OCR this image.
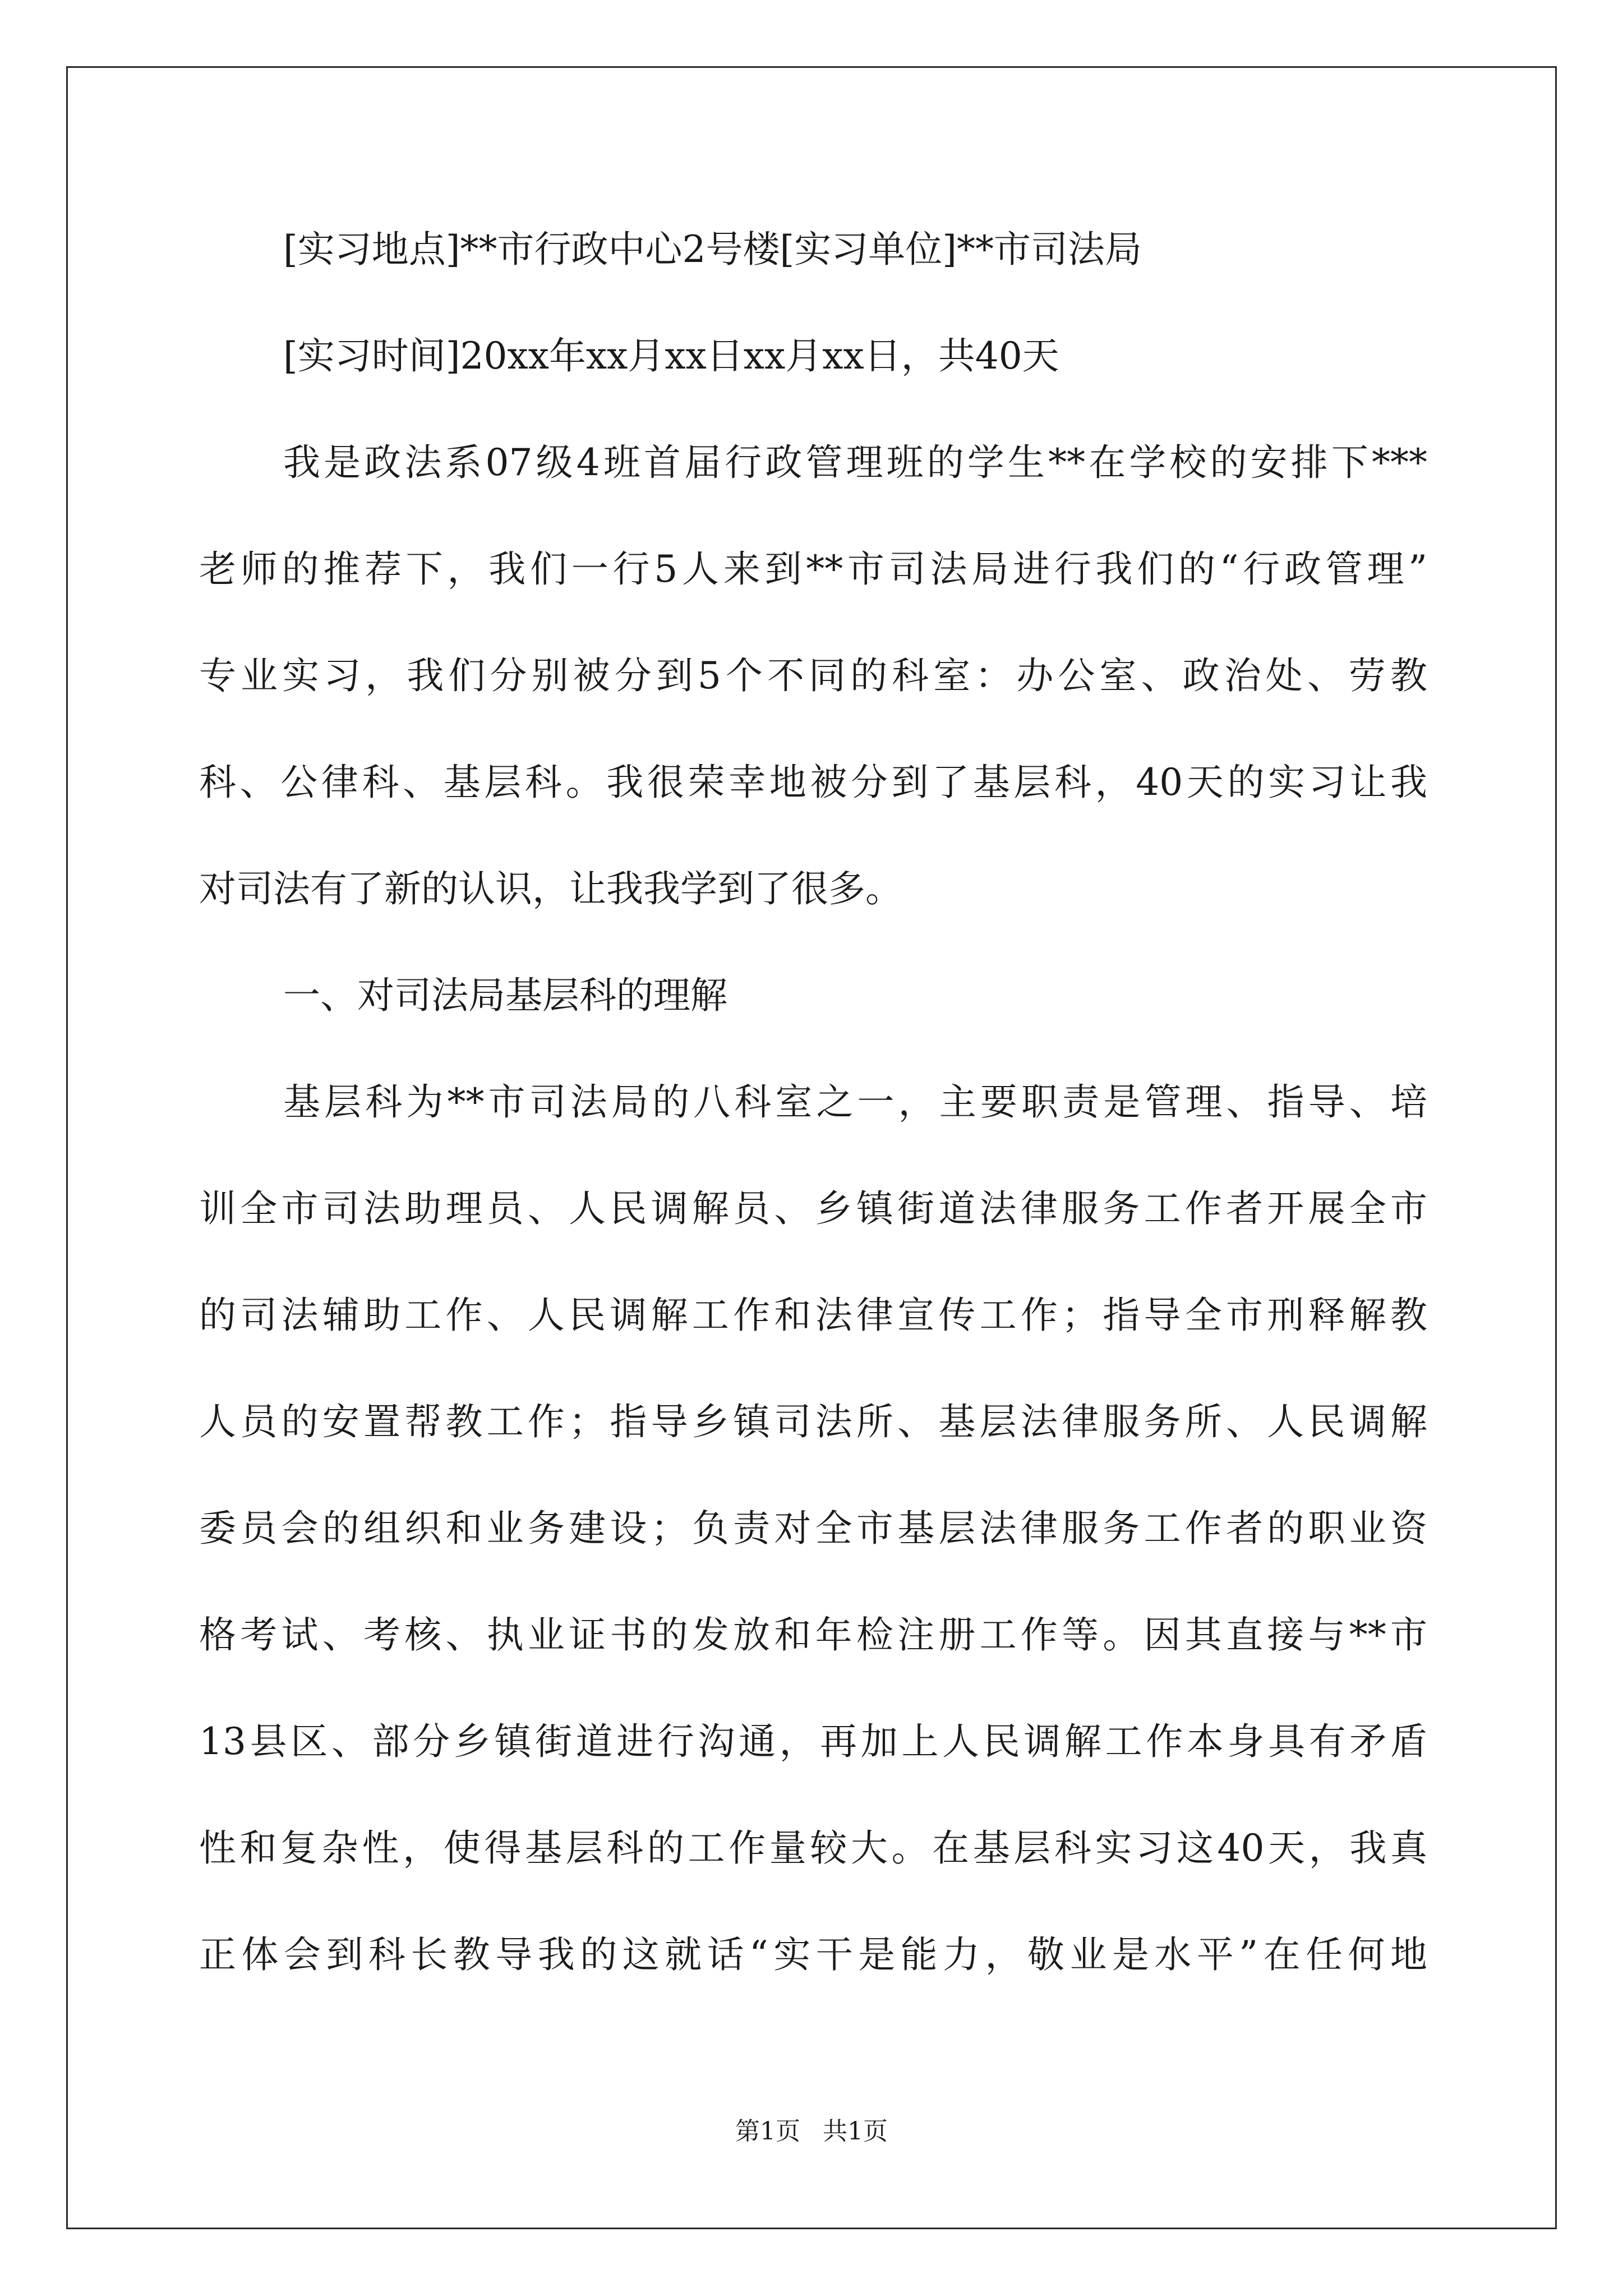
[实习地点]**市行政中心2号楼[实习单位]**市司法局
[实习时间]20xx年xx月xx日xx月xx日，共40天
我是政法系07级4班首届行政管理班的学生**在学校的安排下***
老师的推荐下，我们一行5人来到**市司法局进行我们的“行政管理”
专业实习，我们分别被分到5个不同的科室：办公室、政治处、劳教
科、公律科、基层科。我很荣幸地被分到了基层科，40天的实习让我
对司法有了新的认识，让我我学到了很多。
一、对司法局基层科的理解
基层科为**市司法局的八科室之一，主要职责是管理、指导、培
训全市司法助理员、人民调解员、乡镇街道法律服务工作者开展全市
的司法辅助工作、人民调解工作和法律宣传工作；指导全市刑释解教
人员的安置帮教工作；指导乡镇司法所、基层法律服务所、人民调解
委员会的组织和业务建设；负责对全市基层法律服务工作者的职业资
格考试、考核、执业证书的发放和年检注册工作等。因其直接与**市
13县区、部分乡镇街道进行沟通，再加上人民调解工作本身具有矛盾
性和复杂性，使得基层科的工作量较大。在基层科实习这40天，我真
正体会到科长教导我的这就话“实干是能力，敬业是水平”在任何地
第1页 共1页
